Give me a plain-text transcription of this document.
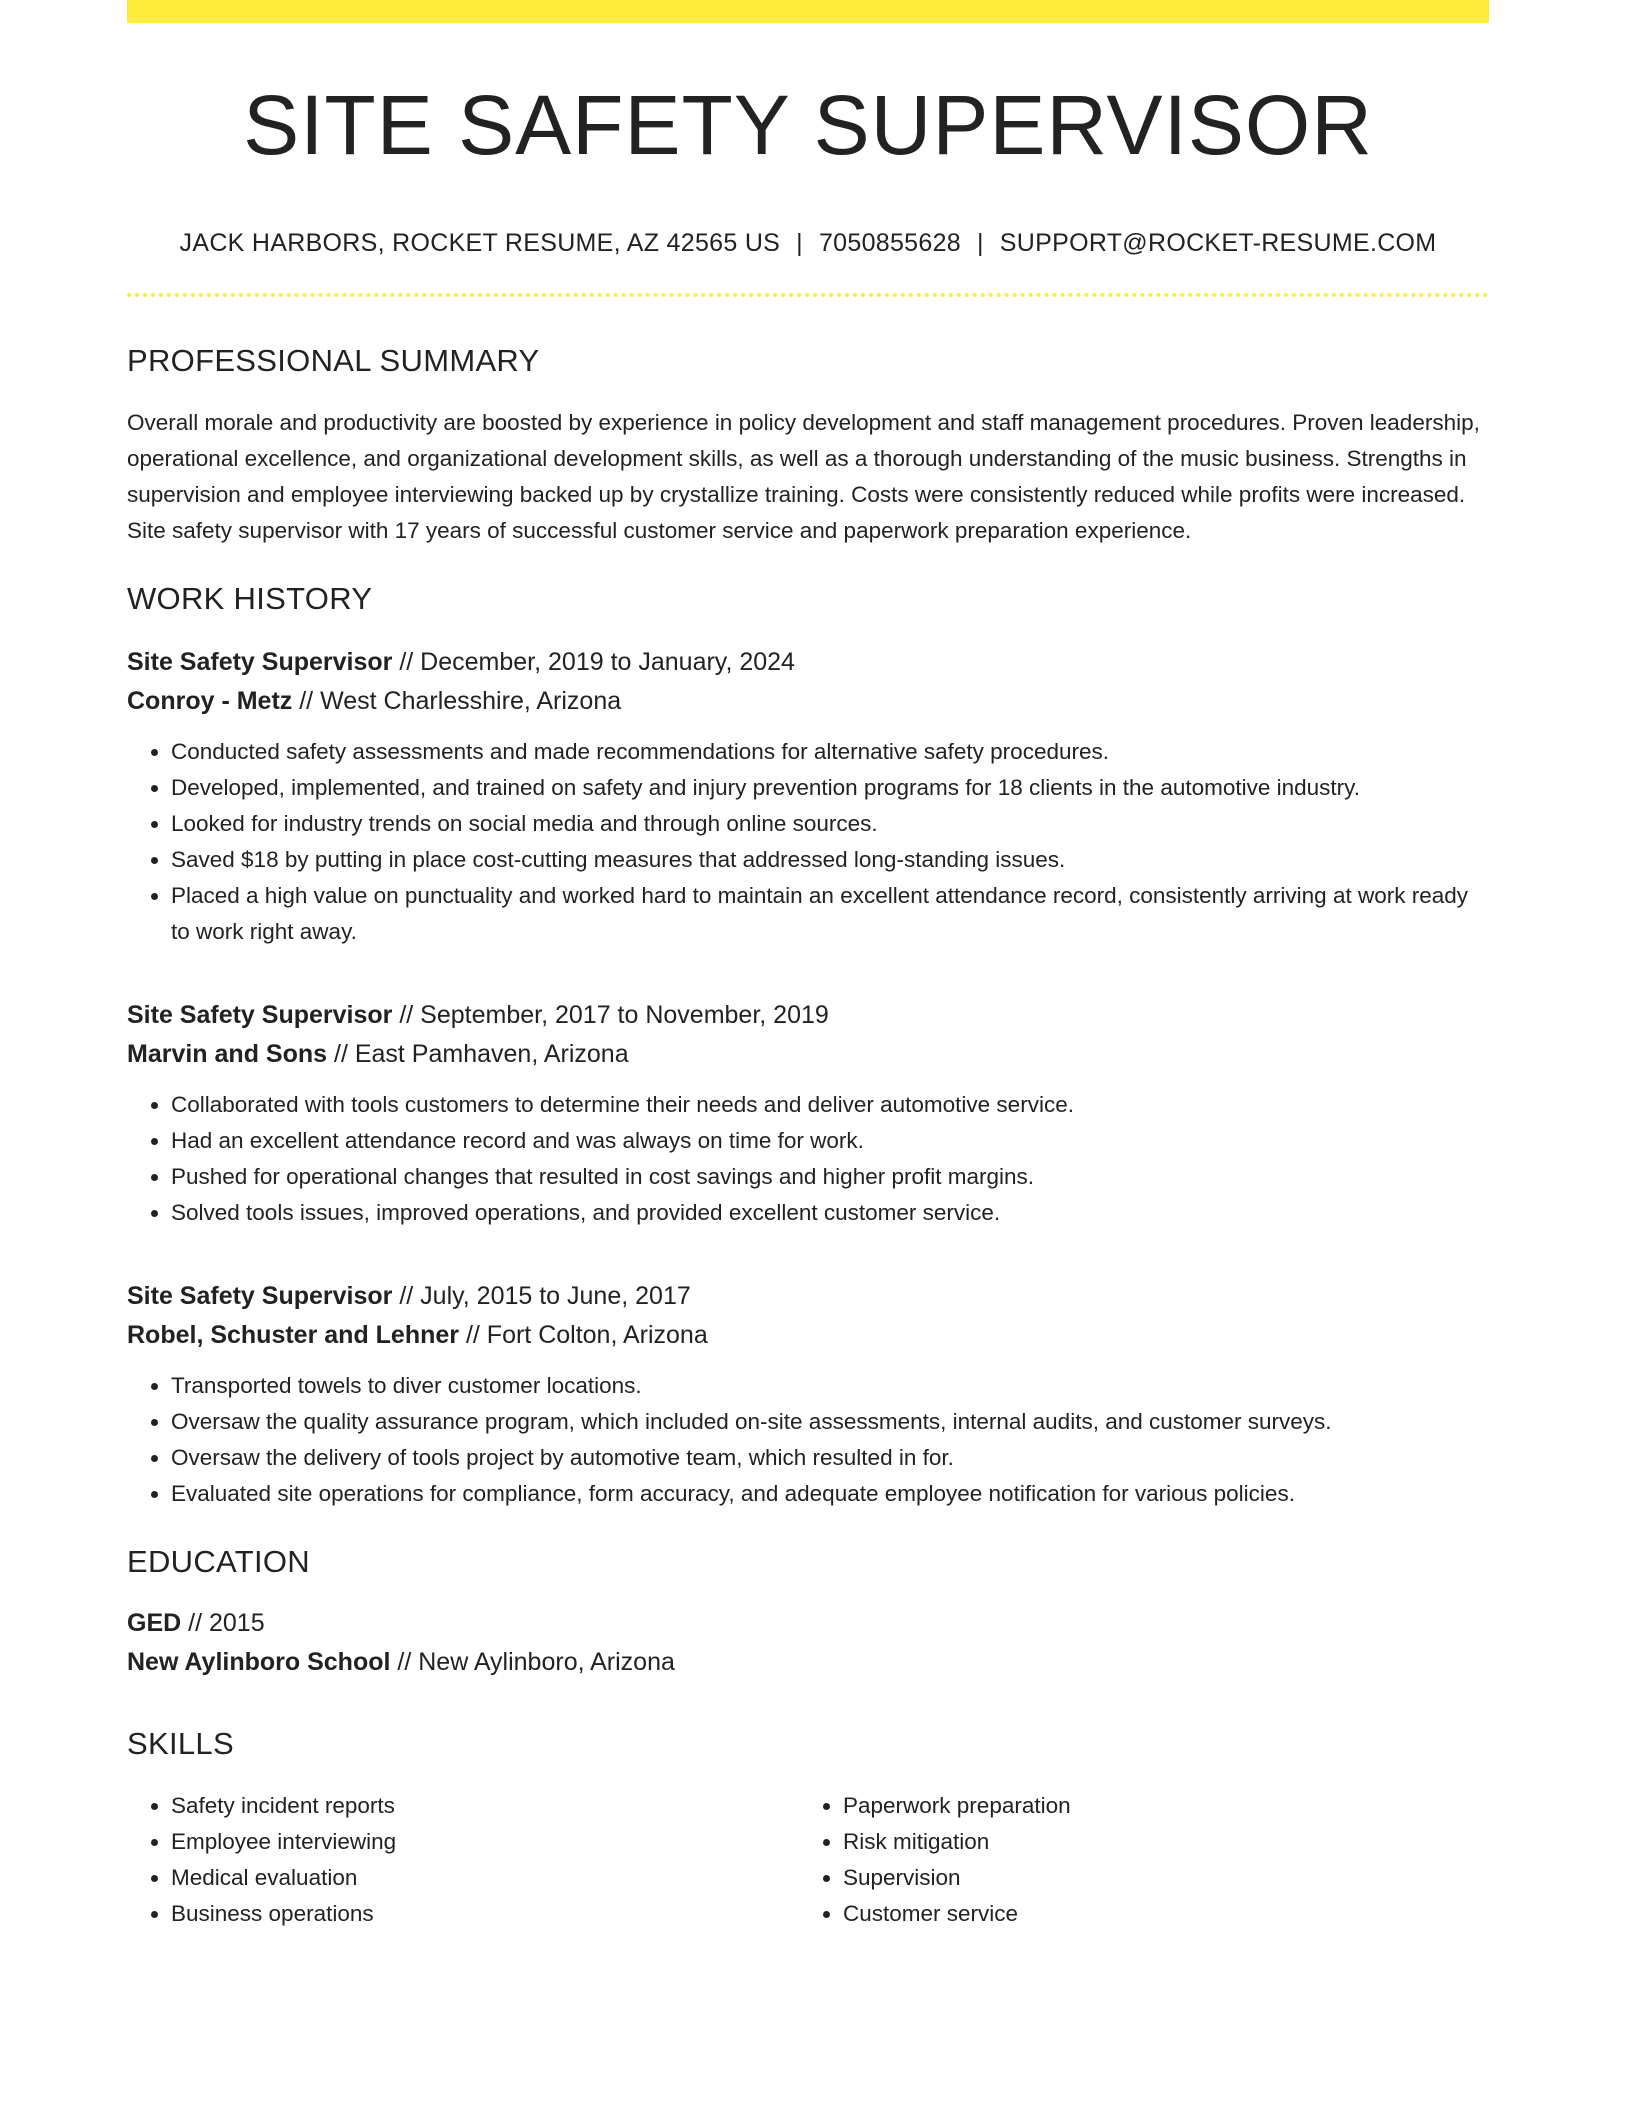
SITE SAFETY SUPERVISOR
JACK HARBORS, ROCKET RESUME, AZ 42565 US | 7050855628 | SUPPORT@ROCKET-RESUME.COM
PROFESSIONAL SUMMARY

Overall morale and productivity are boosted by experience in policy development and staff management procedures. Proven leadership, operational excellence, and organizational development skills, as well as a thorough understanding of the music business. Strengths in supervision and employee interviewing backed up by crystallize training. Costs were consistently reduced while profits were increased. Site safety supervisor with 17 years of successful customer service and paperwork preparation experience.

WORK HISTORY
Site Safety Supervisor // December, 2019 to January, 2024
Conroy - Metz // West Charlesshire, Arizona
• Conducted safety assessments and made recommendations for alternative safety procedures.
• Developed, implemented, and trained on safety and injury prevention programs for 18 clients in the automotive industry.
• Looked for industry trends on social media and through online sources.
• Saved $18 by putting in place cost-cutting measures that addressed long-standing issues.
• Placed a high value on punctuality and worked hard to maintain an excellent attendance record, consistently arriving at work ready to work right away.
Site Safety Supervisor // September, 2017 to November, 2019
Marvin and Sons // East Pamhaven, Arizona
• Collaborated with tools customers to determine their needs and deliver automotive service.
• Had an excellent attendance record and was always on time for work.
• Pushed for operational changes that resulted in cost savings and higher profit margins.
• Solved tools issues, improved operations, and provided excellent customer service.
Site Safety Supervisor // July, 2015 to June, 2017
Robel, Schuster and Lehner // Fort Colton, Arizona
• Transported towels to diver customer locations.
• Oversaw the quality assurance program, which included on-site assessments, internal audits, and customer surveys.
• Oversaw the delivery of tools project by automotive team, which resulted in for.
• Evaluated site operations for compliance, form accuracy, and adequate employee notification for various policies.
EDUCATION
GED // 2015
New Aylinboro School // New Aylinboro, Arizona
SKILLS
• Safety incident reports
• Employee interviewing
• Medical evaluation
• Business operations
• Paperwork preparation
• Risk mitigation
• Supervision
• Customer service
